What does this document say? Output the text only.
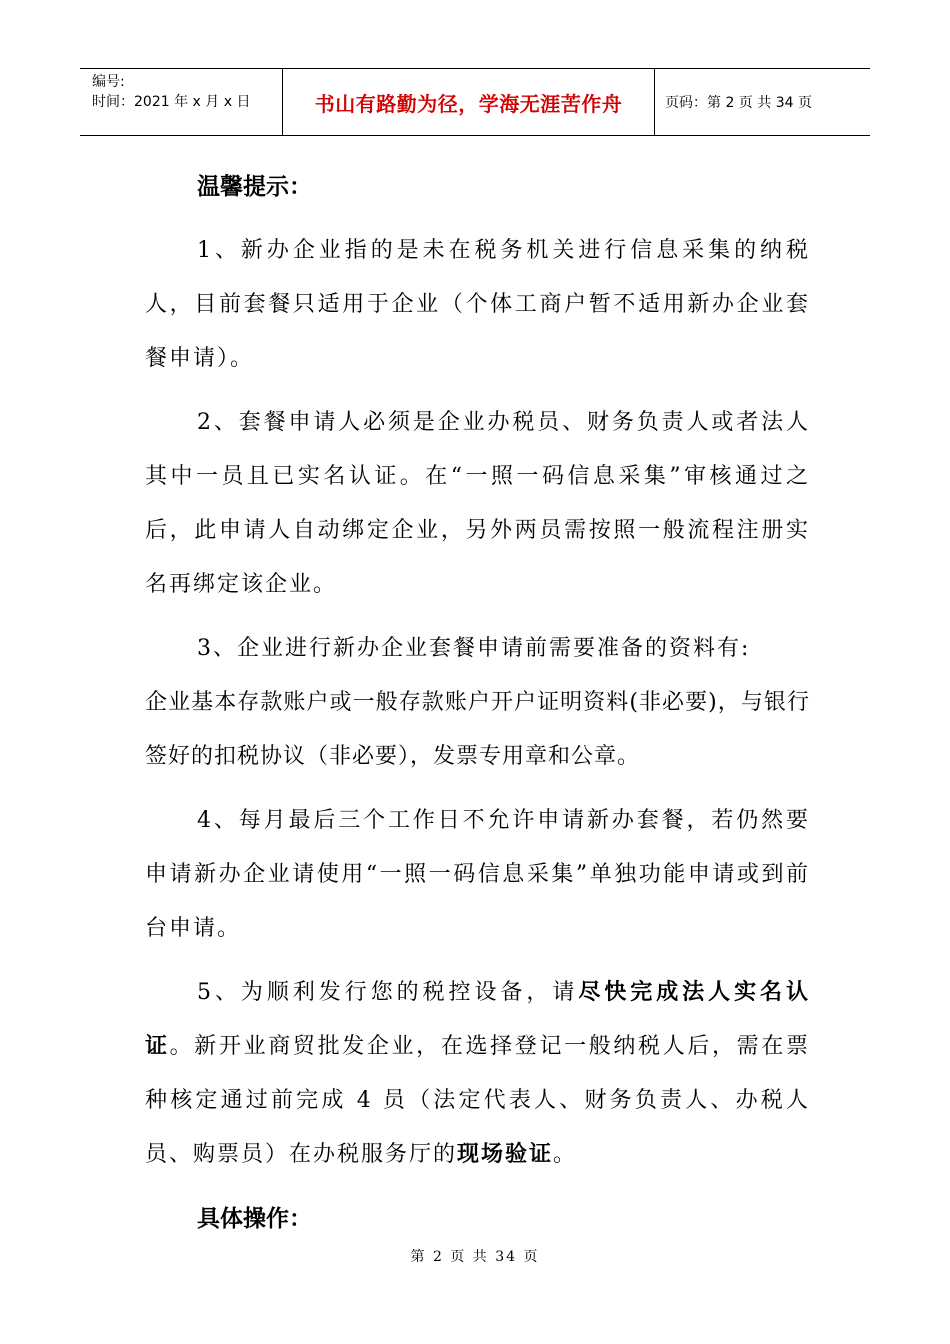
编号:
时间：2021 年 x 月 x 日	书山有路勤为径，学海无涯苦作舟	页码：第 2 页 共 34 页

温馨提示：

1、新办企业指的是未在税务机关进行信息采集的纳税人，目前套餐只适用于企业（个体工商户暂不适用新办企业套餐申请）。

2、套餐申请人必须是企业办税员、财务负责人或者法人其中一员且已实名认证。在“一照一码信息采集”审核通过之后，此申请人自动绑定企业，另外两员需按照一般流程注册实名再绑定该企业。

3、企业进行新办企业套餐申请前需要准备的资料有:

企业基本存款账户或一般存款账户开户证明资料(非必要)，与银行签好的扣税协议（非必要），发票专用章和公章。

4、每月最后三个工作日不允许申请新办套餐，若仍然要申请新办企业请使用“一照一码信息采集”单独功能申请或到前台申请。

5、为顺利发行您的税控设备，请尽快完成法人实名认证。新开业商贸批发企业，在选择登记一般纳税人后，需在票种核定通过前完成 4 员（法定代表人、财务负责人、办税人员、购票员）在办税服务厅的现场验证。

具体操作：

第 2 页 共 34 页
